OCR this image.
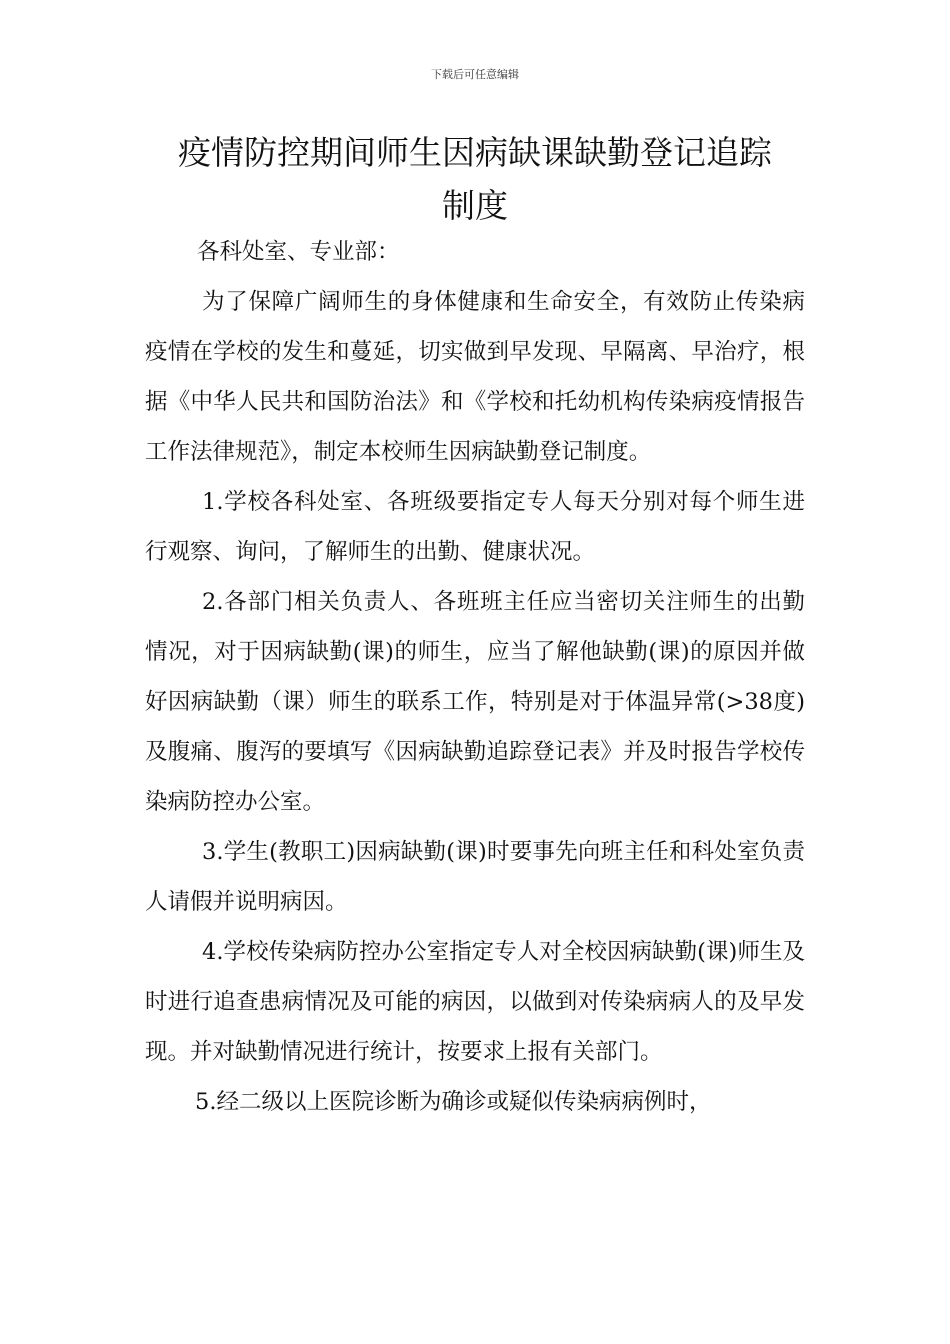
下载后可任意编辑
疫情防控期间师生因病缺课缺勤登记追踪
制度

各科处室、专业部：

为了保障广阔师生的身体健康和生命安全，有效防止传染病疫情在学校的发生和蔓延，切实做到早发现、早隔离、早治疗，根据《中华人民共和国防治法》和《学校和托幼机构传染病疫情报告工作法律规范》，制定本校师生因病缺勤登记制度。

1.学校各科处室、各班级要指定专人每天分别对每个师生进行观察、询问，了解师生的出勤、健康状况。

2.各部门相关负责人、各班班主任应当密切关注师生的出勤情况，对于因病缺勤(课)的师生，应当了解他缺勤(课)的原因并做好因病缺勤（课）师生的联系工作，特别是对于体温异常(>38度)及腹痛、腹泻的要填写《因病缺勤追踪登记表》并及时报告学校传染病防控办公室。

3.学生(教职工)因病缺勤(课)时要事先向班主任和科处室负责人请假并说明病因。

4.学校传染病防控办公室指定专人对全校因病缺勤(课)师生及时进行追查患病情况及可能的病因，以做到对传染病病人的及早发现。并对缺勤情况进行统计，按要求上报有关部门。

5.经二级以上医院诊断为确诊或疑似传染病病例时，
